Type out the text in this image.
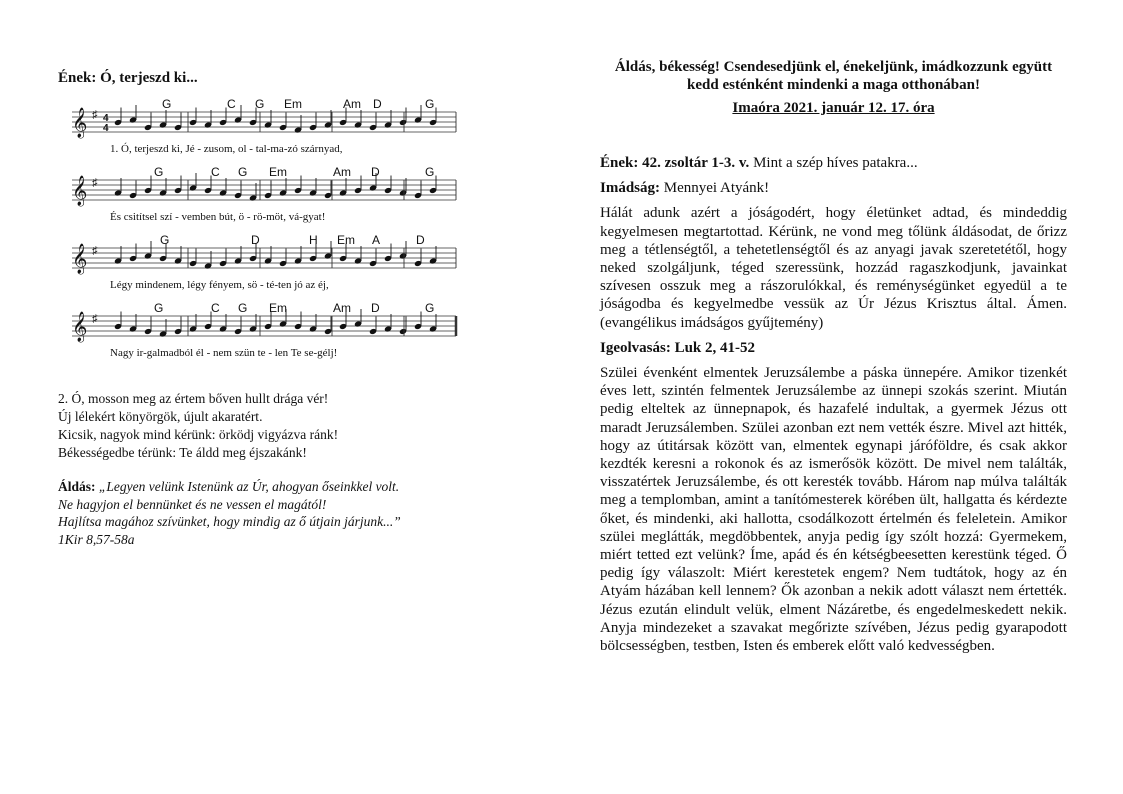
Ének: Ó, terjeszd ki...

G	C G Em	Am D	G
𝄞 ♯ 4
4
1. Ó, terjeszd ki, Jé - zusom, ol - tal-ma-zó szárnyad,
G	C G Em	Am D	G
𝄞 ♯
És csitítsel szí - vemben bút, ö - rö-möt, vá-gyat!
G	D	H Em A	D
𝄞 ♯
Légy mindenem, légy fényem, sö - té-ten jó az éj,
G	C G Em	Am D	G
𝄞 ♯
Nagy ir-galmadból él - nem szün te - len Te se-gélj!
2. Ó, mosson meg az értem bőven hullt drága vér!
Új lélekért könyörgök, újult akaratért.
Kicsik, nagyok mind kérünk: örködj vigyázva ránk!
Békességedbe térünk: Te áldd meg éjszakánk!
Áldás: „Legyen velünk Istenünk az Úr, ahogyan őseinkkel volt.
Ne hagyjon el bennünket és ne vessen el magától!
Hajlítsa magához szívünket, hogy mindig az ő útjain járjunk...”
1Kir 8,57-58a

Áldás, békesség! Csendesedjünk el, énekeljünk, imádkozzunk együtt

kedd esténként mindenki a maga otthonában!

Imaóra 2021. január 12. 17. óra

Ének: 42. zsoltár 1-3. v. Mint a szép híves patakra...

Imádság: Mennyei Atyánk!

Hálát adunk azért a jóságodért, hogy életünket adtad, és mindeddig kegyelmesen megtartottad. Kérünk, ne vond meg tőlünk áldásodat, de őrizz meg a tétlenségtől, a tehetetlenségtől és az anyagi javak szeretetétől, hogy neked szolgáljunk, téged szeressünk, hozzád ragaszkodjunk, javainkat szívesen osszuk meg a rászorulókkal, és reménységünket egyedül a te jóságodba és kegyelmedbe vessük az Úr Jézus Krisztus által. Ámen. (evangélikus imádságos gyűjtemény)

Igeolvasás: Luk 2, 41-52

Szülei évenként elmentek Jeruzsálembe a páska ünnepére. Amikor tizenkét éves lett, szintén felmentek Jeruzsálembe az ünnepi szokás szerint. Miután pedig elteltek az ünnepnapok, és hazafelé indultak, a gyermek Jézus ott maradt Jeruzsálemben. Szülei azonban ezt nem vették észre. Mivel azt hitték, hogy az útitársak között van, elmentek egynapi járóföldre, és csak akkor kezdték keresni a rokonok és az ismerősök között. De mivel nem találták, visszatértek Jeruzsálembe, és ott keresték tovább. Három nap múlva találták meg a templomban, amint a tanítómesterek körében ült, hallgatta és kérdezte őket, és mindenki, aki hallotta, csodálkozott értelmén és feleletein. Amikor szülei meglátták, megdöbbentek, anyja pedig így szólt hozzá: Gyermekem, miért tetted ezt velünk? Íme, apád és én kétségbeesetten kerestünk téged. Ő pedig így válaszolt: Miért kerestetek engem? Nem tudtátok, hogy az én Atyám házában kell lennem? Ők azonban a nekik adott választ nem értették. Jézus ezután elindult velük, elment Názáretbe, és engedelmeskedett nekik. Anyja mindezeket a szavakat megőrizte szívében, Jézus pedig gyarapodott bölcsességben, testben, Isten és emberek előtt való kedvességben.
